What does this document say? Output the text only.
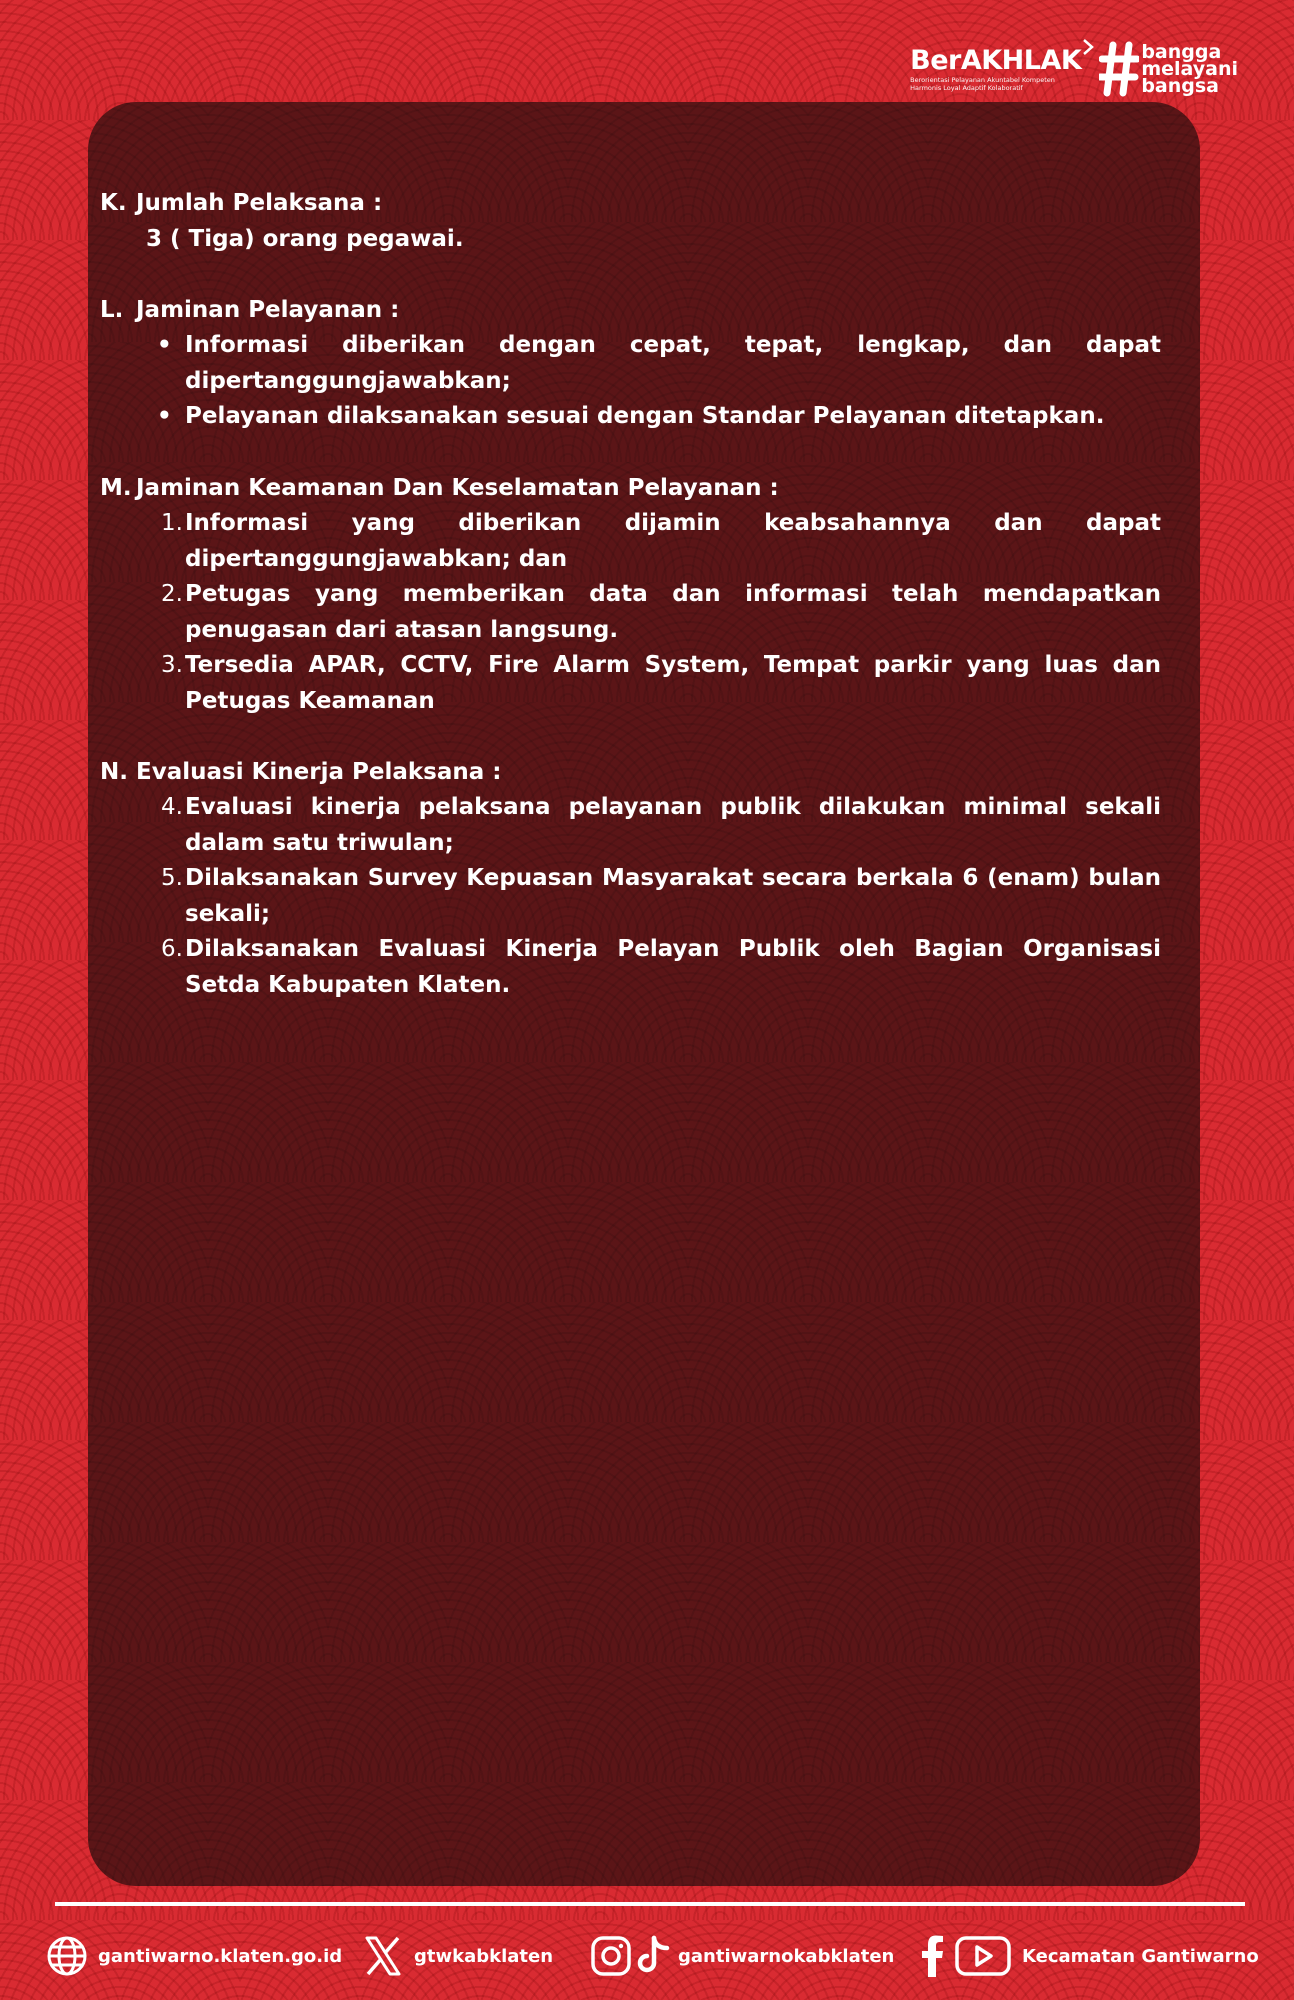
BerAKHLAK
Berorientasi Pelayanan Akuntabel Kompeten
Harmonis Loyal Adaptif Kolaboratif
bangga
melayani
bangsa
K. Jumlah Pelaksana :
3 ( Tiga) orang pegawai.
L. Jaminan Pelayanan :
• Informasi diberikan dengan cepat, tepat, lengkap, dan dapat dipertanggungjawabkan;
• Pelayanan dilaksanakan sesuai dengan Standar Pelayanan ditetapkan.
M. Jaminan Keamanan Dan Keselamatan Pelayanan :
1. Informasi yang diberikan dijamin keabsahannya dan dapat dipertanggungjawabkan; dan
2. Petugas yang memberikan data dan informasi telah mendapatkan penugasan dari atasan langsung.
3. Tersedia APAR, CCTV, Fire Alarm System, Tempat parkir yang luas dan Petugas Keamanan
N. Evaluasi Kinerja Pelaksana :
4. Evaluasi kinerja pelaksana pelayanan publik dilakukan minimal sekali dalam satu triwulan;
5. Dilaksanakan Survey Kepuasan Masyarakat secara berkala 6 (enam) bulan sekali;
6. Dilaksanakan Evaluasi Kinerja Pelayan Publik oleh Bagian Organisasi Setda Kabupaten Klaten.
gantiwarno.klaten.go.id	gtwkabklaten	gantiwarnokabklaten	Kecamatan Gantiwarno
